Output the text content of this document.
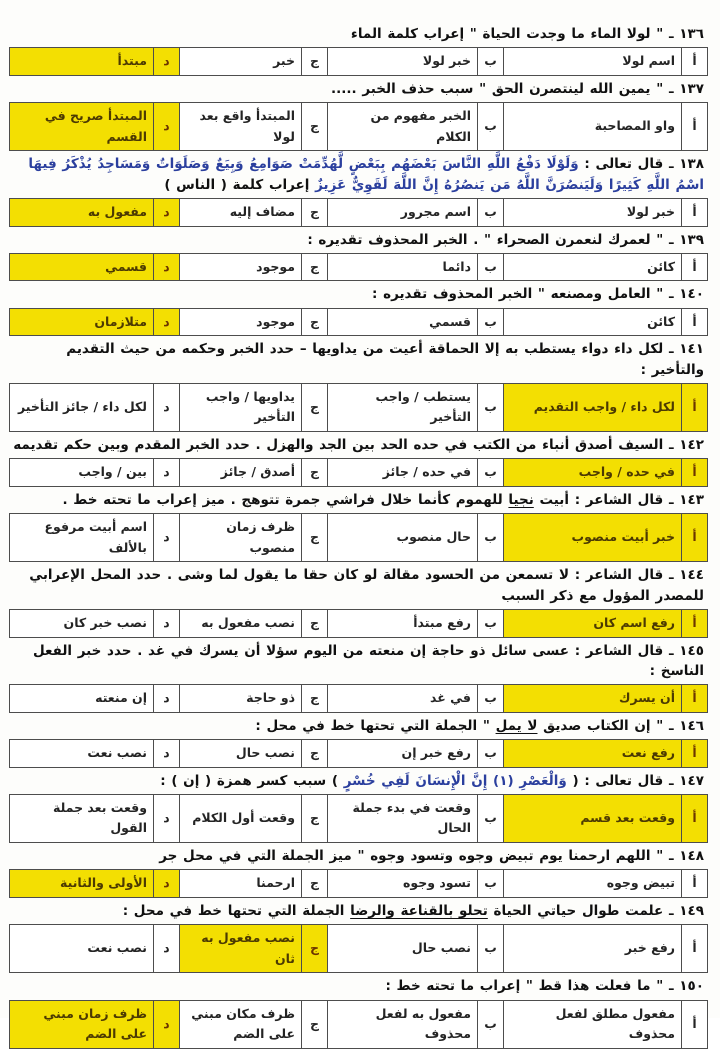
١٣٦ ـ " لولا الماء ما وجدت الحياة " إعراب كلمة الماء
أ	اسم لولا	ب	خبر لولا	ج	خبر	د	مبتدأ
١٣٧ ـ " يمين الله لينتصرن الحق " سبب حذف الخبر .....
أ	واو المصاحبة	ب	الخبر مفهوم من الكلام	ج	المبتدأ واقع بعد لولا	د	المبتدأ صريح في القسم
١٣٨ ـ قال تعالى : وَلَوْلَا دَفْعُ اللَّهِ النَّاسَ بَعْضَهُم بِبَعْضٍ لَّهُدِّمَتْ صَوَامِعُ وَبِيَعٌ وَصَلَوَاتٌ وَمَسَاجِدُ يُذْكَرُ فِيهَا اسْمُ اللَّهِ كَثِيرًا وَلَيَنصُرَنَّ اللَّهُ مَن يَنصُرُهُ إِنَّ اللَّهَ لَقَوِيٌّ عَزِيزٌ إعراب كلمة ( الناس )
أ	خبر لولا	ب	اسم مجرور	ج	مضاف إليه	د	مفعول به
١٣٩ ـ " لعمرك لنعمرن الصحراء " . الخبر المحذوف تقديره :
أ	كائن	ب	دائما	ج	موجود	د	قسمي
١٤٠ ـ " العامل ومصنعه " الخبر المحذوف تقديره :
أ	كائن	ب	قسمي	ج	موجود	د	متلازمان
١٤١ ـ لكل داء دواء يستطب به إلا الحماقة أعيت من يداويها – حدد الخبر وحكمه من حيث التقديم والتأخير :
أ	لكل داء / واجب التقديم	ب	يستطب / واجب التأخير	ج	يداويها / واجب التأخير	د	لكل داء / جائز التأخير
١٤٢ ـ السيف أصدق أنباء من الكتب في حده الحد بين الجد والهزل . حدد الخبر المقدم وبين حكم تقديمه
أ	في حده / واجب	ب	في حده / جائز	ج	أصدق / جائز	د	بين / واجب
١٤٣ ـ قال الشاعر : أبيت نجيا للهموم كأنما خلال فراشي جمرة تتوهج . ميز إعراب ما تحته خط .
أ	خبر أبيت منصوب	ب	حال منصوب	ج	ظرف زمان منصوب	د	اسم أبيت مرفوع بالألف
١٤٤ ـ قال الشاعر : لا تسمعن من الحسود مقالة لو كان حقا ما يقول لما وشى . حدد المحل الإعرابي للمصدر المؤول مع ذكر السبب
أ	رفع اسم كان	ب	رفع مبتدأ	ج	نصب مفعول به	د	نصب خبر كان
١٤٥ ـ قال الشاعر : عسى سائل ذو حاجة إن منعته من اليوم سؤلا أن يسرك في غد . حدد خبر الفعل الناسخ :
أ	أن يسرك	ب	في غد	ج	ذو حاجة	د	إن منعته
١٤٦ ـ " إن الكتاب صديق لا يمل " الجملة التي تحتها خط في محل :
أ	رفع نعت	ب	رفع خبر إن	ج	نصب حال	د	نصب نعت
١٤٧ ـ قال تعالى : ( وَالْعَصْرِ (١) إِنَّ الْإِنسَانَ لَفِي خُسْرٍ ) سبب كسر همزة ( إن ) :
أ	وقعت بعد قسم	ب	وقعت في بدء جملة الحال	ج	وقعت أول الكلام	د	وقعت بعد جملة القول
١٤٨ ـ " اللهم ارحمنا يوم تبيض وجوه وتسود وجوه " ميز الجملة التي في محل جر
أ	تبيض وجوه	ب	تسود وجوه	ج	ارحمنا	د	الأولى والثانية
١٤٩ ـ علمت طوال حياتي الحياة تحلو بالقناعة والرضا الجملة التي تحتها خط في محل :
أ	رفع خبر	ب	نصب حال	ج	نصب مفعول به ثان	د	نصب نعت
١٥٠ ـ " ما فعلت هذا قط " إعراب ما تحته خط :
أ	مفعول مطلق لفعل محذوف	ب	مفعول به لفعل محذوف	ج	ظرف مكان مبني على الضم	د	ظرف زمان مبني على الضم
